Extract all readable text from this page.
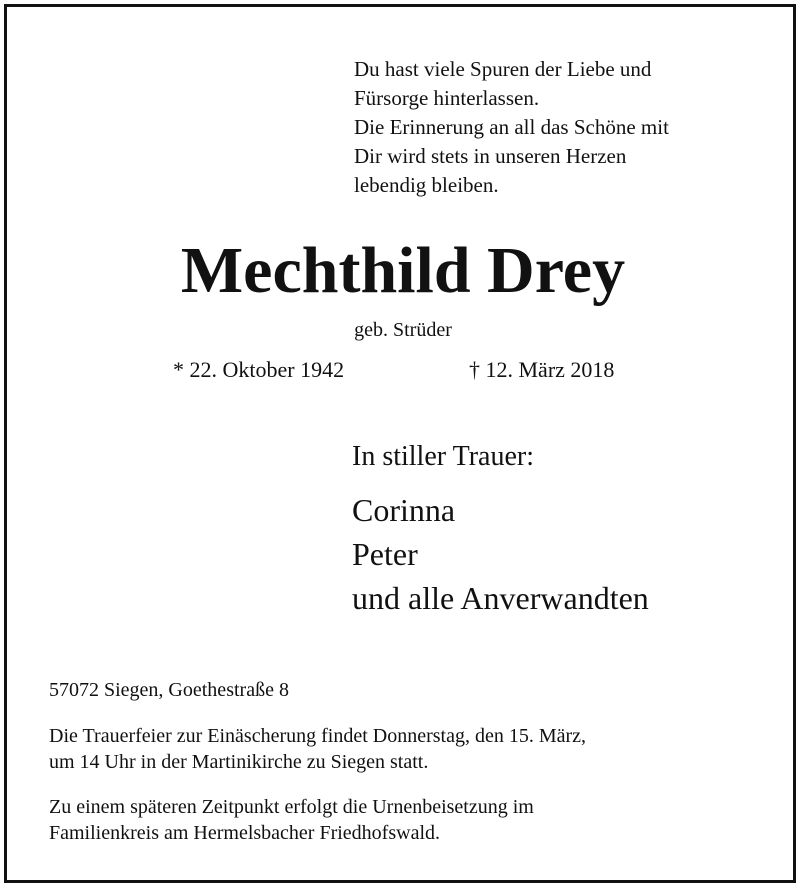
Du hast viele Spuren der Liebe und
Fürsorge hinterlassen.
Die Erinnerung an all das Schöne mit
Dir wird stets in unseren Herzen
lebendig bleiben.
Mechthild Drey
geb. Strüder
* 22. Oktober 1942	† 12. März 2018
In stiller Trauer:
Corinna
Peter
und alle Anverwandten
57072 Siegen, Goethestraße 8
Die Trauerfeier zur Einäscherung findet Donnerstag, den 15. März,
um 14 Uhr in der Martinikirche zu Siegen statt.
Zu einem späteren Zeitpunkt erfolgt die Urnenbeisetzung im
Familienkreis am Hermelsbacher Friedhofswald.
